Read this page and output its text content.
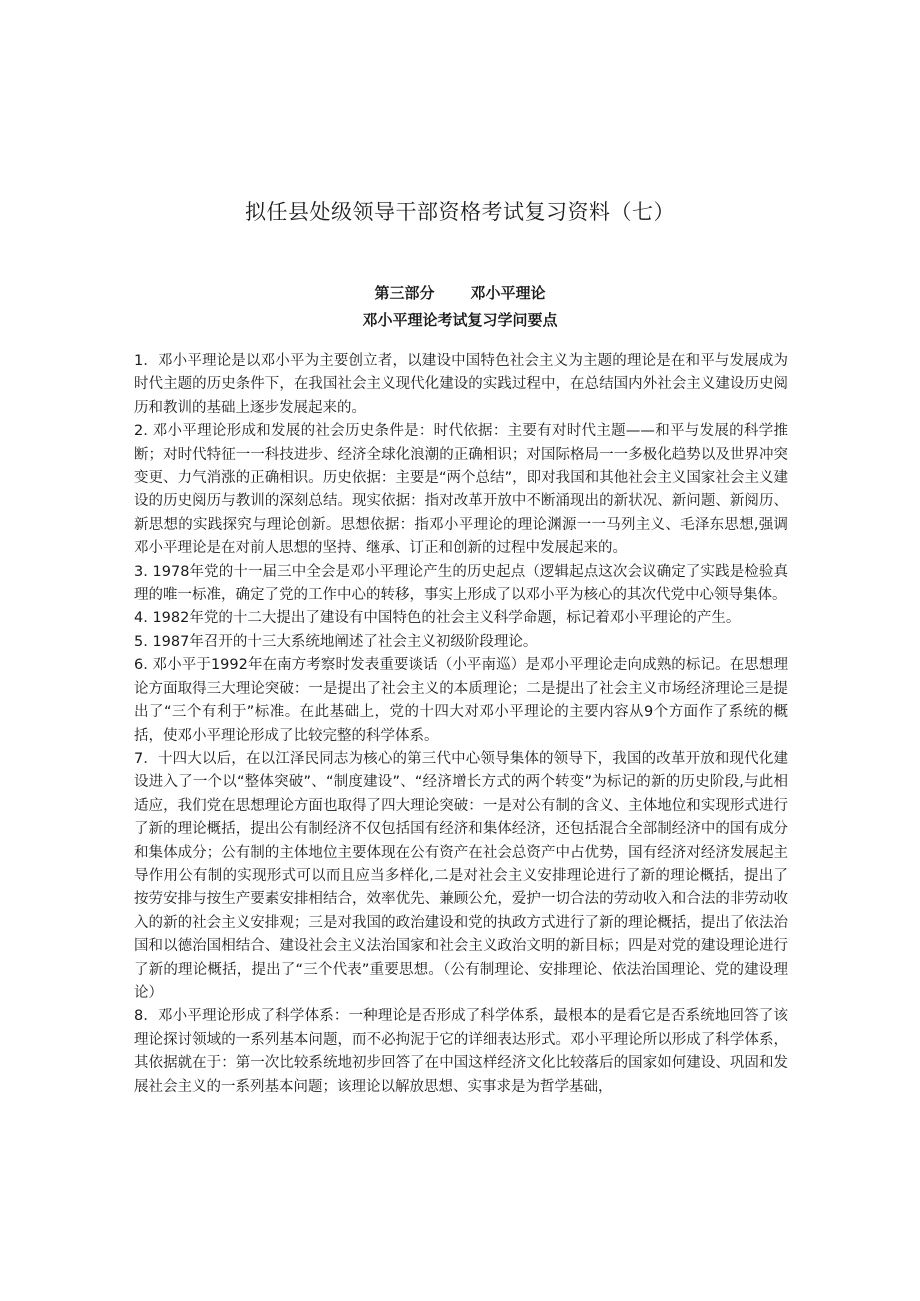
拟任县处级领导干部资格考试复习资料（七）
第三部分 邓小平理论
邓小平理论考试复习学问要点

1．邓小平理论是以邓小平为主要创立者，以建设中国特色社会主义为主题的理论是在和平与发展成为时代主题的历史条件下，在我国社会主义现代化建设的实践过程中，在总结国内外社会主义建设历史阅历和教训的基础上逐步发展起来的。

2. 邓小平理论形成和发展的社会历史条件是：时代依据：主要有对时代主题——和平与发展的科学推断；对时代特征一一科技进步、经济全球化浪潮的正确相识；对国际格局一一多极化趋势以及世界冲突变更、力气消涨的正确相识。历史依据：主要是“两个总结”，即对我国和其他社会主义国家社会主义建设的历史阅历与教训的深刻总结。现实依据：指对改革开放中不断涌现出的新状况、新问题、新阅历、新思想的实践探究与理论创新。思想依据：指邓小平理论的理论渊源一一马列主义、毛泽东思想,强调邓小平理论是在对前人思想的坚持、继承、订正和创新的过程中发展起来的。

3. 1978年党的十一届三中全会是邓小平理论产生的历史起点（逻辑起点这次会议确定了实践是检验真理的唯一标准，确定了党的工作中心的转移，事实上形成了以邓小平为核心的其次代党中心领导集体。

4. 1982年党的十二大提出了建设有中国特色的社会主义科学命题，标记着邓小平理论的产生。

5. 1987年召开的十三大系统地阐述了社会主义初级阶段理论。

6. 邓小平于1992年在南方考察时发表重要谈话（小平南巡）是邓小平理论走向成熟的标记。在思想理论方面取得三大理论突破：一是提出了社会主义的本质理论；二是提出了社会主义市场经济理论三是提出了“三个有利于”标准。在此基础上，党的十四大对邓小平理论的主要内容从9个方面作了系统的概括，使邓小平理论形成了比较完整的科学体系。

7．十四大以后，在以江泽民同志为核心的第三代中心领导集体的领导下，我国的改革开放和现代化建设进入了一个以“整体突破”、“制度建设”、“经济增长方式的两个转变”为标记的新的历史阶段,与此相适应，我们党在思想理论方面也取得了四大理论突破：一是对公有制的含义、主体地位和实现形式进行了新的理论概括，提出公有制经济不仅包括国有经济和集体经济，还包括混合全部制经济中的国有成分和集体成分；公有制的主体地位主要体现在公有资产在社会总资产中占优势，国有经济对经济发展起主导作用公有制的实现形式可以而且应当多样化,二是对社会主义安排理论进行了新的理论概括，提出了按劳安排与按生产要素安排相结合，效率优先、兼顾公允，爱护一切合法的劳动收入和合法的非劳动收入的新的社会主义安排观；三是对我国的政治建设和党的执政方式进行了新的理论概括，提出了依法治国和以德治国相结合、建设社会主义法治国家和社会主义政治文明的新目标；四是对党的建设理论进行了新的理论概括，提出了“三个代表”重要思想。（公有制理论、安排理论、依法治国理论、党的建设理论）

8．邓小平理论形成了科学体系：一种理论是否形成了科学体系，最根本的是看它是否系统地回答了该理论探讨领域的一系列基本问题，而不必拘泥于它的详细表达形式。邓小平理论所以形成了科学体系，其依据就在于：第一次比较系统地初步回答了在中国这样经济文化比较落后的国家如何建设、巩固和发展社会主义的一系列基本问题；该理论以解放思想、实事求是为哲学基础，
